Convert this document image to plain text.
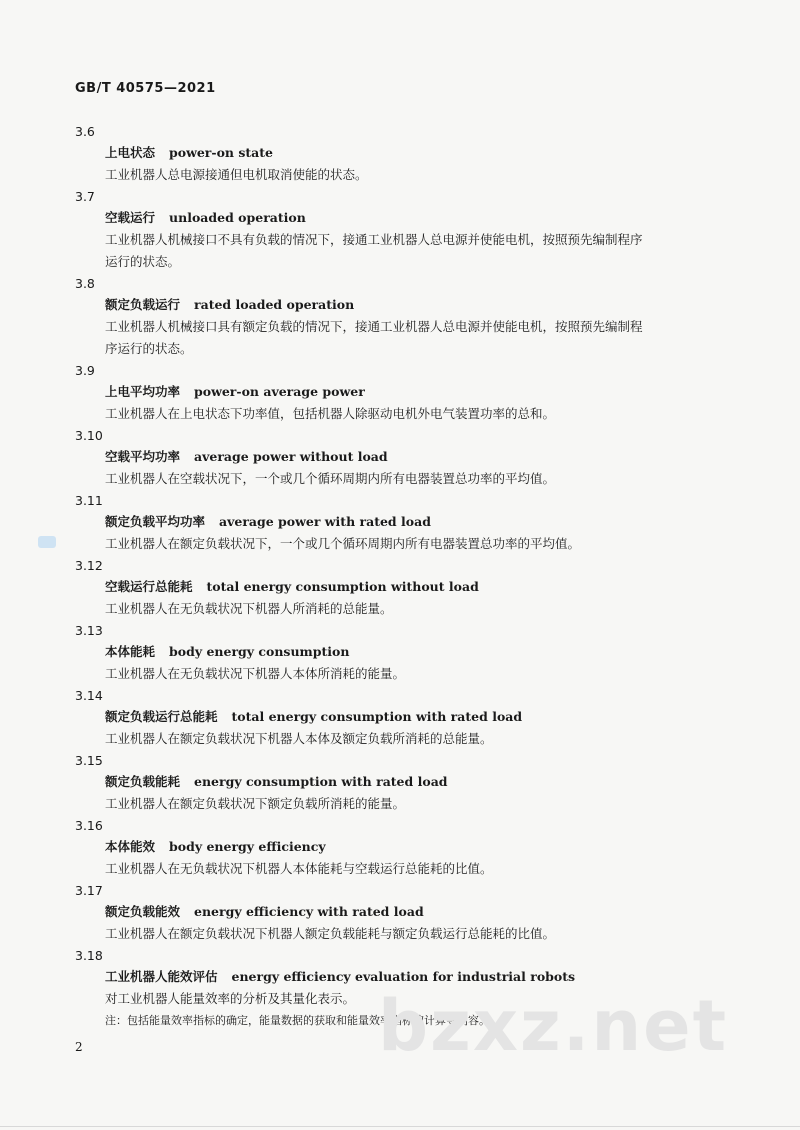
GB/T 40575—2021
3.6
上电状态 power-on state
工业机器人总电源接通但电机取消使能的状态。
3.7
空载运行 unloaded operation
工业机器人机械接口不具有负载的情况下，接通工业机器人总电源并使能电机，按照预先编制程序
运行的状态。
3.8
额定负载运行 rated loaded operation
工业机器人机械接口具有额定负载的情况下，接通工业机器人总电源并使能电机，按照预先编制程
序运行的状态。
3.9
上电平均功率 power-on average power
工业机器人在上电状态下功率值，包括机器人除驱动电机外电气装置功率的总和。
3.10
空载平均功率 average power without load
工业机器人在空载状况下，一个或几个循环周期内所有电器装置总功率的平均值。
3.11
额定负载平均功率 average power with rated load
工业机器人在额定负载状况下，一个或几个循环周期内所有电器装置总功率的平均值。
3.12
空载运行总能耗 total energy consumption without load
工业机器人在无负载状况下机器人所消耗的总能量。
3.13
本体能耗 body energy consumption
工业机器人在无负载状况下机器人本体所消耗的能量。
3.14
额定负载运行总能耗 total energy consumption with rated load
工业机器人在额定负载状况下机器人本体及额定负载所消耗的总能量。
3.15
额定负载能耗 energy consumption with rated load
工业机器人在额定负载状况下额定负载所消耗的能量。
3.16
本体能效 body energy efficiency
工业机器人在无负载状况下机器人本体能耗与空载运行总能耗的比值。
3.17
额定负载能效 energy efficiency with rated load
工业机器人在额定负载状况下机器人额定负载能耗与额定负载运行总能耗的比值。
3.18
工业机器人能效评估 energy efficiency evaluation for industrial robots
对工业机器人能量效率的分析及其量化表示。
注：包括能量效率指标的确定，能量数据的获取和能量效率指标的计算等内容。
bzxz.net
2
